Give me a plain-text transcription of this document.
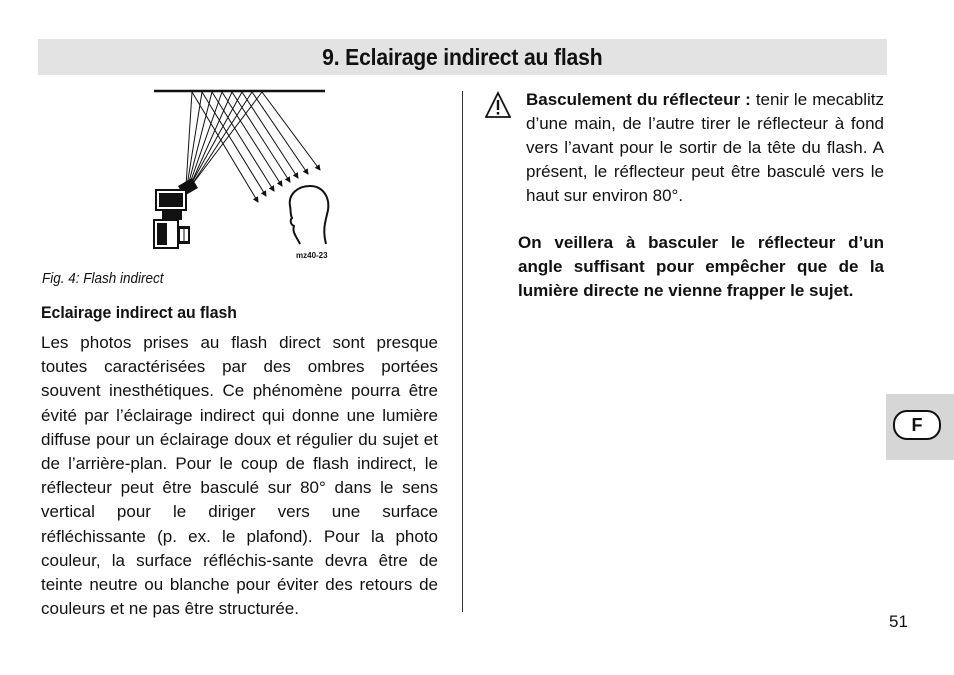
9. Eclairage indirect au flash
mz40-23
Fig. 4: Flash indirect
Eclairage indirect au flash
Les photos prises au flash direct sont presque toutes caractérisées par des ombres portées souvent inesthétiques. Ce phénomène pourra être évité par l’éclairage indirect qui donne une lumière diffuse pour un éclairage doux et régulier du sujet et de l’arrière-plan. Pour le coup de flash indirect, le réflecteur peut être basculé sur 80° dans le sens vertical pour le diriger vers une surface réfléchissante (p. ex. le plafond). Pour la photo couleur, la surface réfléchis-sante devra être de teinte neutre ou blanche pour éviter des retours de couleurs et ne pas être structurée.
Basculement du réflecteur : tenir le mecablitz d’une main, de l’autre tirer le réflecteur à fond vers l’avant pour le sortir de la tête du flash. A présent, le réflecteur peut être basculé vers le haut sur environ 80°.
On veillera à basculer le réflecteur d’un angle suffisant pour empêcher que de la lumière directe ne vienne frapper le sujet.
F
51
